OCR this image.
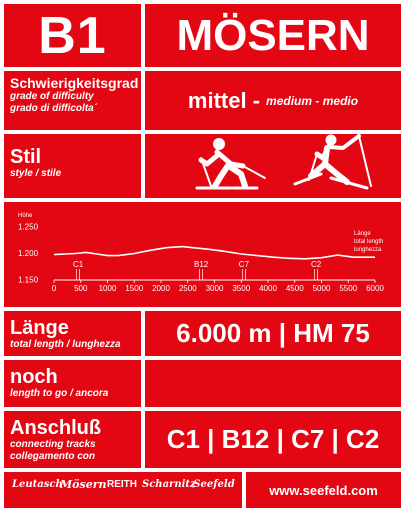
B1	MÖSERN
Schwierigkeitsgrad
grade of difficulty
grado di difficolta´	mittel - medium - medio
Stil
style / stile
Höhe
Länge
total length
lunghezza
1.150
1.200
1.250
0 500 1000 1500 2000 2500 3000 3500 4000 4500 5000 5500 6000
C1	B12	C7	C2
Länge
total length / lunghezza	6.000 m | HM 75
noch
length to go / ancora
Anschluß
connecting tracks
collegamento con
C1 | B12 | C7 | C2
Leutasch
Mösern REITH Scharnitz
Seefeld	www.seefeld.com
